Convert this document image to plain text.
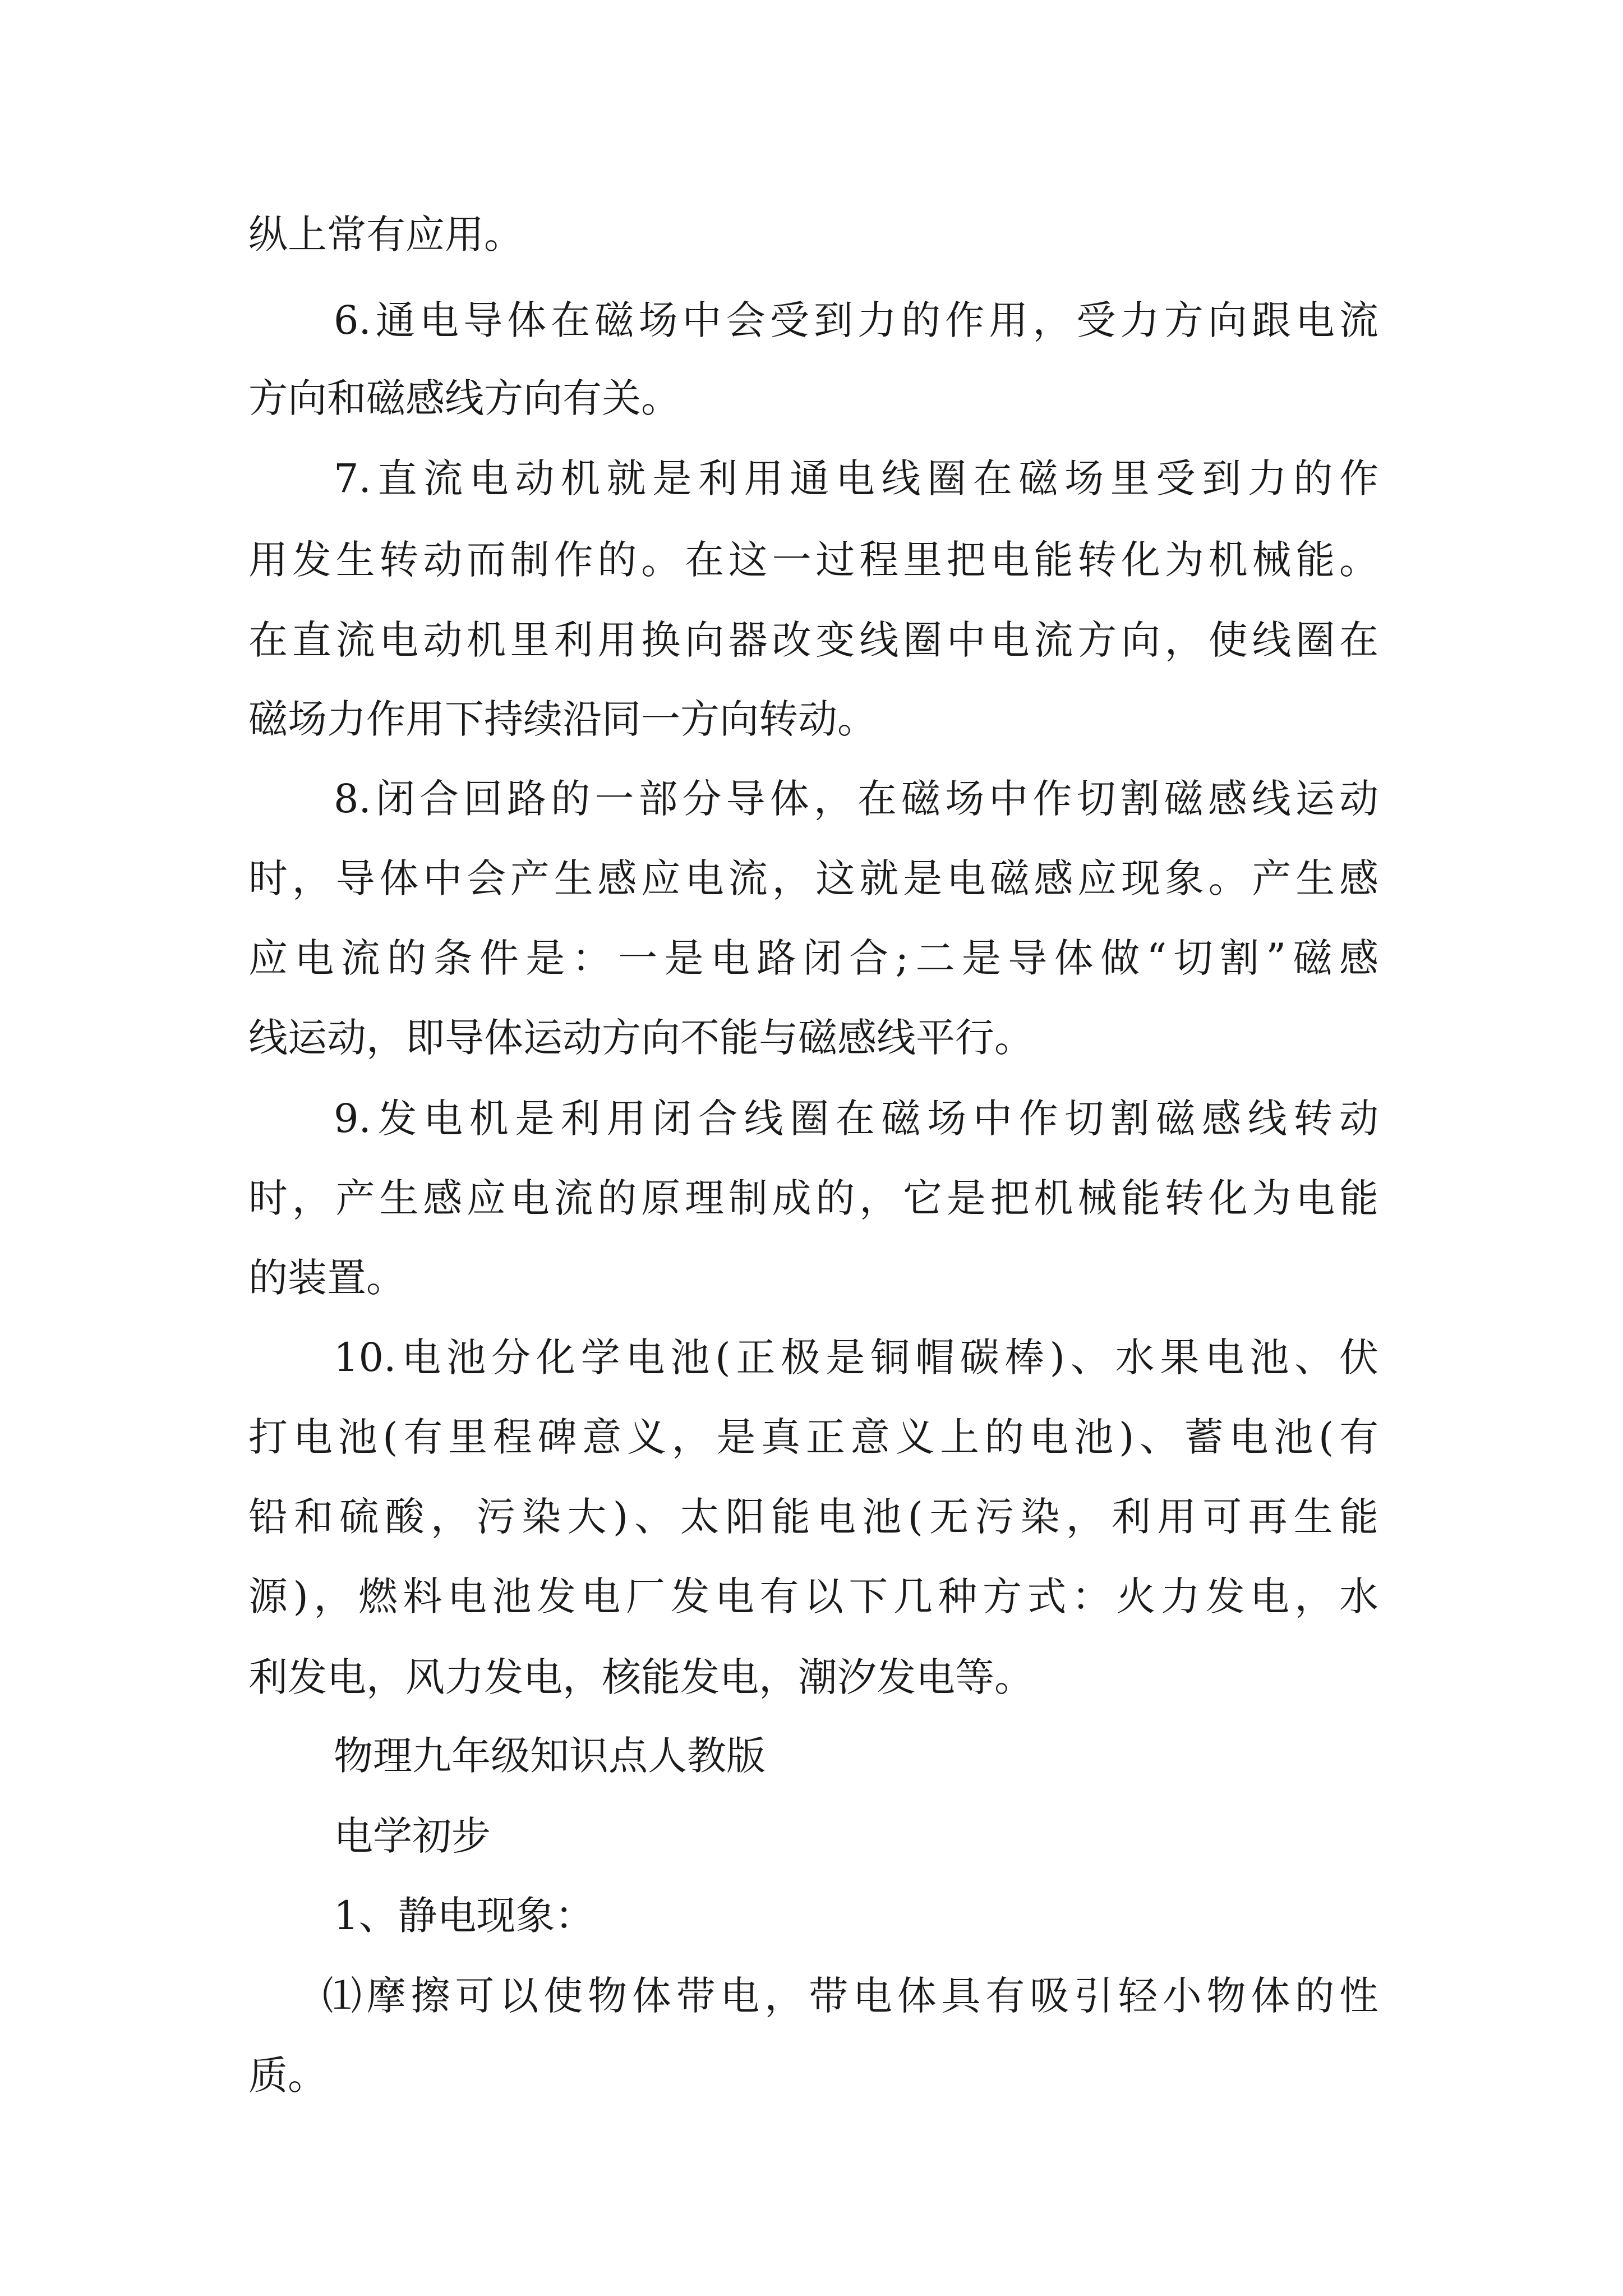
纵上常有应用。

6.通电导体在磁场中会受到力的作用，受力方向跟电流

方向和磁感线方向有关。

7.直流电动机就是利用通电线圈在磁场里受到力的作

用发生转动而制作的。在这一过程里把电能转化为机械能。

在直流电动机里利用换向器改变线圈中电流方向，使线圈在

磁场力作用下持续沿同一方向转动。

8.闭合回路的一部分导体，在磁场中作切割磁感线运动

时，导体中会产生感应电流，这就是电磁感应现象。产生感

应电流的条件是：一是电路闭合;二是导体做“切割”磁感

线运动，即导体运动方向不能与磁感线平行。

9.发电机是利用闭合线圈在磁场中作切割磁感线转动

时，产生感应电流的原理制成的，它是把机械能转化为电能

的装置。

10.电池分化学电池(正极是铜帽碳棒)、水果电池、伏

打电池(有里程碑意义，是真正意义上的电池)、蓄电池(有

铅和硫酸，污染大)、太阳能电池(无污染，利用可再生能

源)，燃料电池发电厂发电有以下几种方式：火力发电，水

利发电，风力发电，核能发电，潮汐发电等。

物理九年级知识点人教版

电学初步

1、静电现象：

⑴摩擦可以使物体带电，带电体具有吸引轻小物体的性

质。
